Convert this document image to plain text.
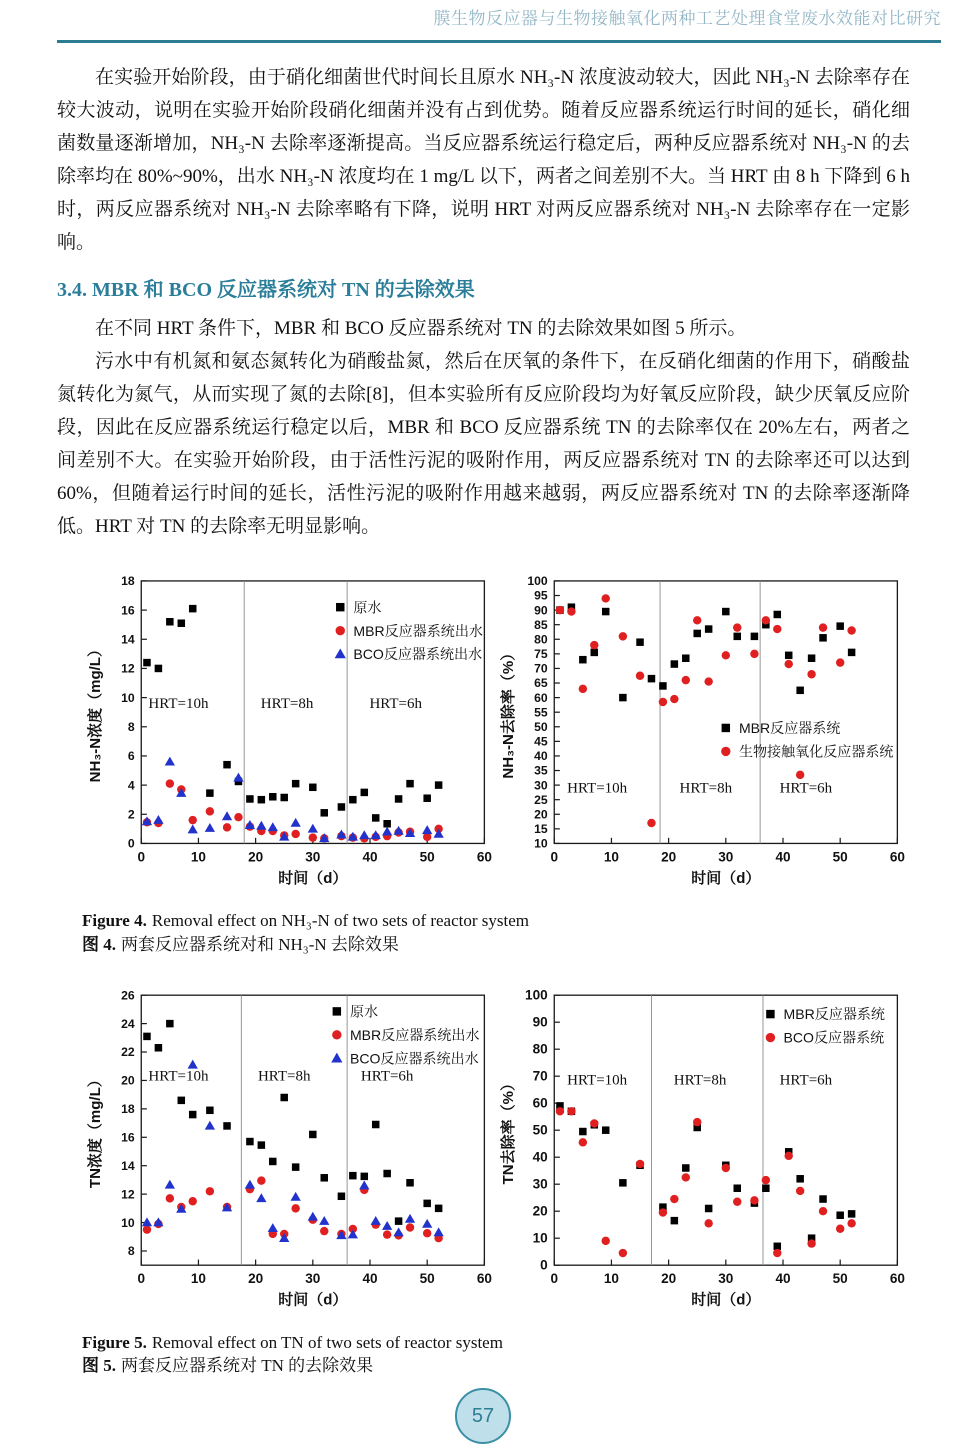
膜生物反应器与生物接触氧化两种工艺处理食堂废水效能对比研究

在实验开始阶段，由于硝化细菌世代时间长且原水 NH₃-N 浓度波动较大，因此 NH₃-N 去除率存在较大波动，说明在实验开始阶段硝化细菌并没有占到优势。随着反应器系统运行时间的延长，硝化细菌数量逐渐增加，NH₃-N 去除率逐渐提高。当反应器系统运行稳定后，两种反应器系统对 NH₃-N 的去除率均在 80%~90%，出水 NH₃-N 浓度均在 1 mg/L 以下，两者之间差别不大。当 HRT 由 8 h 下降到 6 h 时，两反应器系统对 NH₃-N 去除率略有下降，说明 HRT 对两反应器系统对 NH₃-N 去除率存在一定影响。

3.4. MBR 和 BCO 反应器系统对 TN 的去除效果

在不同 HRT 条件下，MBR 和 BCO 反应器系统对 TN 的去除效果如图 5 所示。

污水中有机氮和氨态氮转化为硝酸盐氮，然后在厌氧的条件下，在反硝化细菌的作用下，硝酸盐氮转化为氮气，从而实现了氮的去除[8]，但本实验所有反应阶段均为好氧反应阶段，缺少厌氧反应阶段，因此在反应器系统运行稳定以后，MBR 和 BCO 反应器系统 TN 的去除率仅在 20%左右，两者之间差别不大。在实验开始阶段，由于活性污泥的吸附作用，两反应器系统对 TN 的去除率还可以达到 60%，但随着运行时间的延长，活性污泥的吸附作用越来越弱，两反应器系统对 TN 的去除率逐渐降低。HRT 对 TN 的去除率无明显影响。

0	10	20	30	40	50	60
0
2
4
6
8
10
12
14
16
18
HRT=10h	HRT=8h	HRT=6h
原水
MBR反应器系统出水
BCO反应器系统出水
时间（d）
NH₃-N浓度（mg/L）
0	10	20	30	40	50	60
10
15
20
25
30
35
40
45
50
55
60
65
70
75
80
85
90
95
100
HRT=10h	HRT=8h	HRT=6h
MBR反应器系统
生物接触氧化反应器系统
时间（d）
NH₃-N去除率（%）
Figure 4. Removal effect on NH₃-N of two sets of reactor system
图 4. 两套反应器系统对和 NH₃-N 去除效果
0	10	20	30	40	50	60
8
10
12
14
16
18
20
22
24
26
HRT=10h	HRT=8h	HRT=6h
原水
MBR反应器系统出水
BCO反应器系统出水
时间（d）
TN浓度（mg/L）
0	10	20	30	40	50	60
0
10
20
30
40
50
60
70
80
90
100
HRT=10h	HRT=8h	HRT=6h
MBR反应器系统
BCO反应器系统
时间（d）
TN去除率（%）
Figure 5. Removal effect on TN of two sets of reactor system
图 5. 两套反应器系统对 TN 的去除效果
57
